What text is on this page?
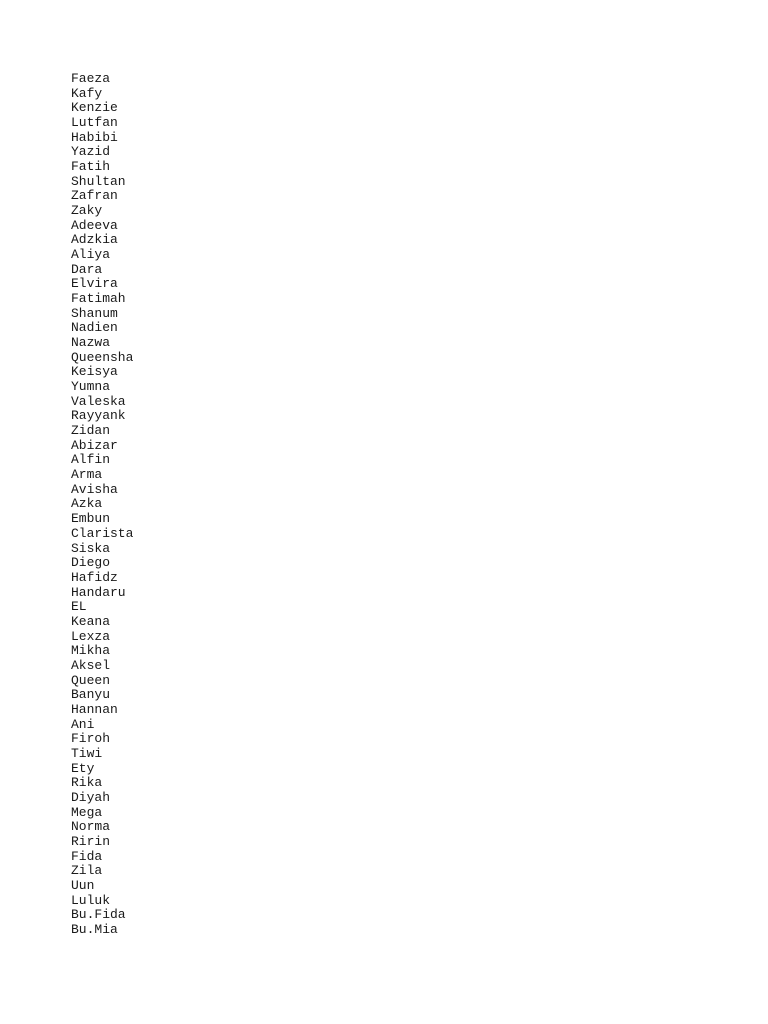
Faeza
Kafy
Kenzie
Lutfan
Habibi
Yazid
Fatih
Shultan
Zafran
Zaky
Adeeva
Adzkia
Aliya
Dara
Elvira
Fatimah
Shanum
Nadien
Nazwa
Queensha
Keisya
Yumna
Valeska
Rayyank
Zidan
Abizar
Alfin
Arma
Avisha
Azka
Embun
Clarista
Siska
Diego
Hafidz
Handaru
EL
Keana
Lexza
Mikha
Aksel
Queen
Banyu
Hannan
Ani
Firoh
Tiwi
Ety
Rika
Diyah
Mega
Norma
Ririn
Fida
Zila
Uun
Luluk
Bu.Fida
Bu.Mia
